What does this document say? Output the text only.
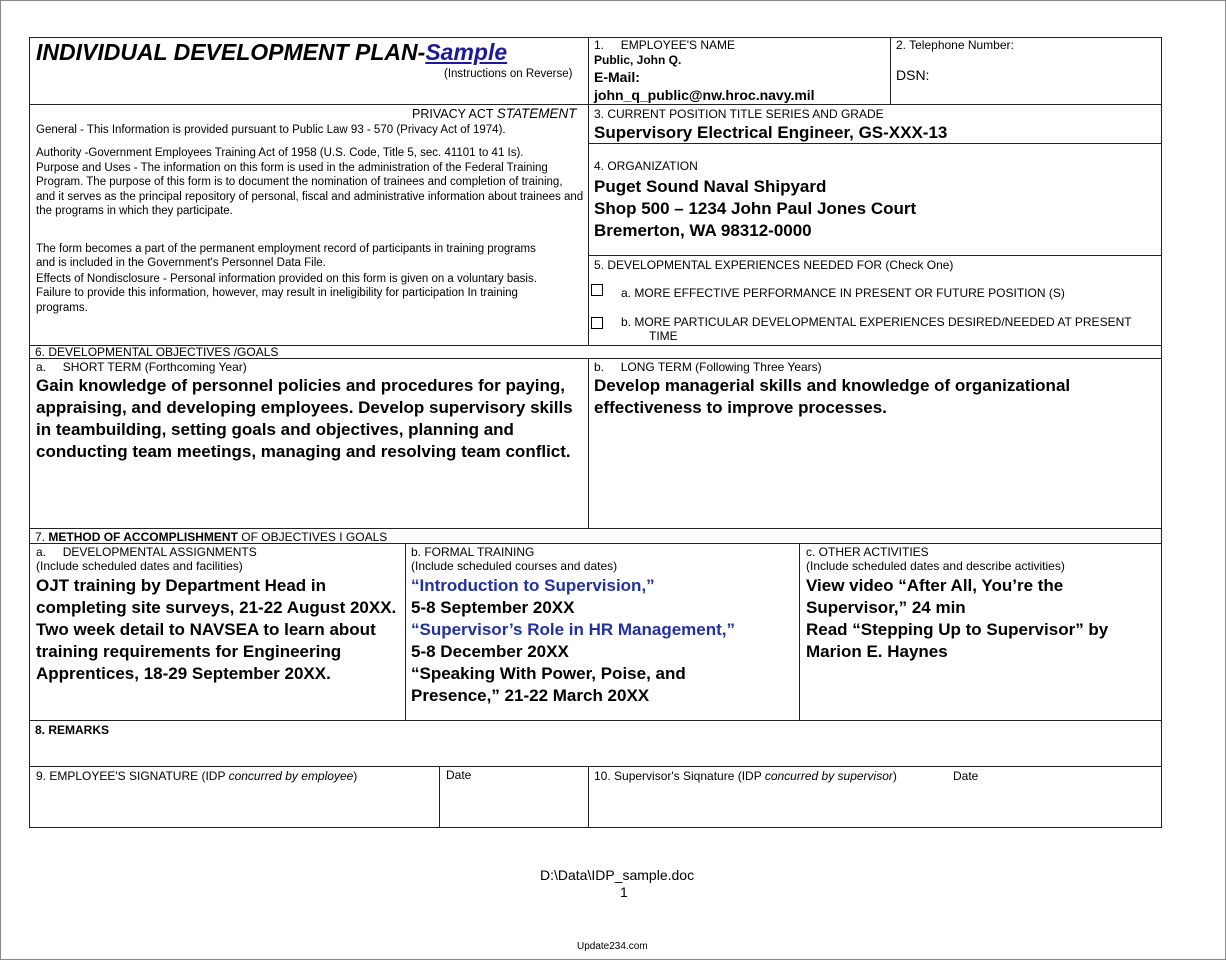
INDIVIDUAL DEVELOPMENT PLAN-Sample
(Instructions on Reverse)
1. EMPLOYEE'S NAME
Public, John Q.
E-Mail:
john_q_public@nw.hroc.navy.mil
2. Telephone Number:
DSN:
PRIVACY ACT STATEMENT
General - This Information is provided pursuant to Public Law 93 - 570 (Privacy Act of 1974).
Authority -Government Employees Training Act of 1958 (U.S. Code, Title 5, sec. 41101 to 41 Is).
Purpose and Uses - The information on this form is used in the administration of the Federal Training Program. The purpose of this form is to document the nomination of trainees and completion of training, and it serves as the principal repository of personal, fiscal and administrative information about trainees and the programs in which they participate.
The form becomes a part of the permanent employment record of participants in training programs and is included in the Government's Personnel Data File.
Effects of Nondisclosure - Personal information provided on this form is given on a voluntary basis. Failure to provide this information, however, may result in ineligibility for participation In training programs.
3. CURRENT POSITION TITLE SERIES AND GRADE
Supervisory Electrical Engineer, GS-XXX-13
4. ORGANIZATION
Puget Sound Naval Shipyard
Shop 500 – 1234 John Paul Jones Court
Bremerton, WA 98312-0000
5. DEVELOPMENTAL EXPERIENCES NEEDED FOR (Check One)
a. MORE EFFECTIVE PERFORMANCE IN PRESENT OR FUTURE POSITION (S)
b. MORE PARTICULAR DEVELOPMENTAL EXPERIENCES DESIRED/NEEDED AT PRESENT
TIME
6. DEVELOPMENTAL OBJECTIVES /GOALS
a. SHORT TERM (Forthcoming Year)
Gain knowledge of personnel policies and procedures for paying, appraising, and developing employees. Develop supervisory skills in teambuilding, setting goals and objectives, planning and conducting team meetings, managing and resolving team conflict.
b. LONG TERM (Following Three Years)
Develop managerial skills and knowledge of organizational effectiveness to improve processes.
7. METHOD OF ACCOMPLISHMENT OF OBJECTIVES I GOALS
a. DEVELOPMENTAL ASSIGNMENTS
(Include scheduled dates and facilities)
OJT training by Department Head in completing site surveys, 21-22 August 20XX. Two week detail to NAVSEA to learn about training requirements for Engineering Apprentices, 18-29 September 20XX.
b. FORMAL TRAINING
(Include scheduled courses and dates)
“Introduction to Supervision,”
5-8 September 20XX
“Supervisor’s Role in HR Management,”
5-8 December 20XX
“Speaking With Power, Poise, and
Presence,” 21-22 March 20XX
c. OTHER ACTIVITIES
(Include scheduled dates and describe activities)
View video “After All, You’re the
Supervisor,” 24 min
Read “Stepping Up to Supervisor” by
Marion E. Haynes
8. REMARKS
9. EMPLOYEE'S SIGNATURE (IDP concurred by employee)	Date	10. Supervisor's Siqnature (IDP concurred by supervisor)	Date
D:\Data\IDP_sample.doc
1
Update234.com
